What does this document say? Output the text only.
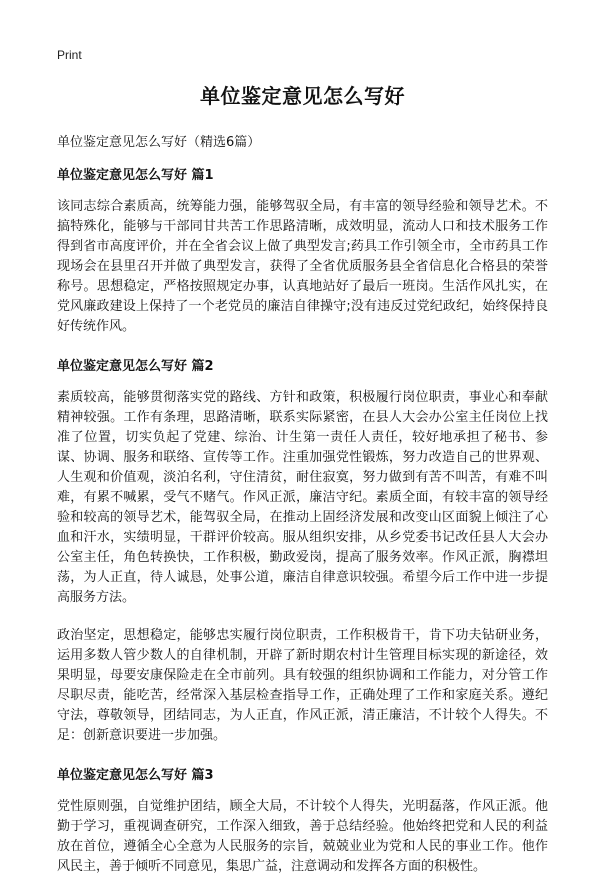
Print
单位鉴定意见怎么写好

单位鉴定意见怎么写好（精选6篇）

单位鉴定意见怎么写好 篇1

该同志综合素质高，统筹能力强，能够驾驭全局，有丰富的领导经验和领导艺术。不搞特殊化，能够与干部同甘共苦工作思路清晰，成效明显，流动人口和技术服务工作得到省市高度评价，并在全省会议上做了典型发言;药具工作引领全市，全市药具工作现场会在县里召开并做了典型发言，获得了全省优质服务县全省信息化合格县的荣誉称号。思想稳定，严格按照规定办事，认真地站好了最后一班岗。生活作风扎实，在党风廉政建设上保持了一个老党员的廉洁自律操守;没有违反过党纪政纪，始终保持良好传统作风。

单位鉴定意见怎么写好 篇2

素质较高，能够贯彻落实党的路线、方针和政策，积极履行岗位职责，事业心和奉献精神较强。工作有条理，思路清晰，联系实际紧密，在县人大会办公室主任岗位上找准了位置，切实负起了党建、综治、计生第一责任人责任，较好地承担了秘书、参谋、协调、服务和联络、宣传等工作。注重加强党性锻炼，努力改造自己的世界观、人生观和价值观，淡泊名利，守住清贫，耐住寂寞，努力做到有苦不叫苦，有难不叫难，有累不喊累，受气不赌气。作风正派，廉洁守纪。素质全面，有较丰富的领导经验和较高的领导艺术，能驾驭全局，在推动上固经济发展和改变山区面貌上倾注了心血和汗水，实绩明显，干群评价较高。服从组织安排，从乡党委书记改任县人大会办公室主任，角色转换快，工作积极，勤政爱岗，提高了服务效率。作风正派，胸襟坦荡，为人正直，待人诚恳，处事公道，廉洁自律意识较强。希望今后工作中进一步提高服务方法。

政治坚定，思想稳定，能够忠实履行岗位职责，工作积极肯干，肯下功夫钻研业务，运用多数人管少数人的自律机制，开辟了新时期农村计生管理目标实现的新途径，效果明显，母要安康保险走在全市前列。具有较强的组织协调和工作能力，对分管工作尽职尽责，能吃苦，经常深入基层检查指导工作，正确处理了工作和家庭关系。遵纪守法，尊敬领导，团结同志，为人正直，作风正派，清正廉洁，不计较个人得失。不足：创新意识要进一步加强。

单位鉴定意见怎么写好 篇3

党性原则强，自觉维护团结，顾全大局，不计较个人得失，光明磊落，作风正派。他勤于学习，重视调查研究，工作深入细致，善于总结经验。他始终把党和人民的利益放在首位，遵循全心全意为人民服务的宗旨，兢兢业业为党和人民的事业工作。他作风民主，善于倾听不同意见，集思广益，注意调动和发挥各方面的积极性。
